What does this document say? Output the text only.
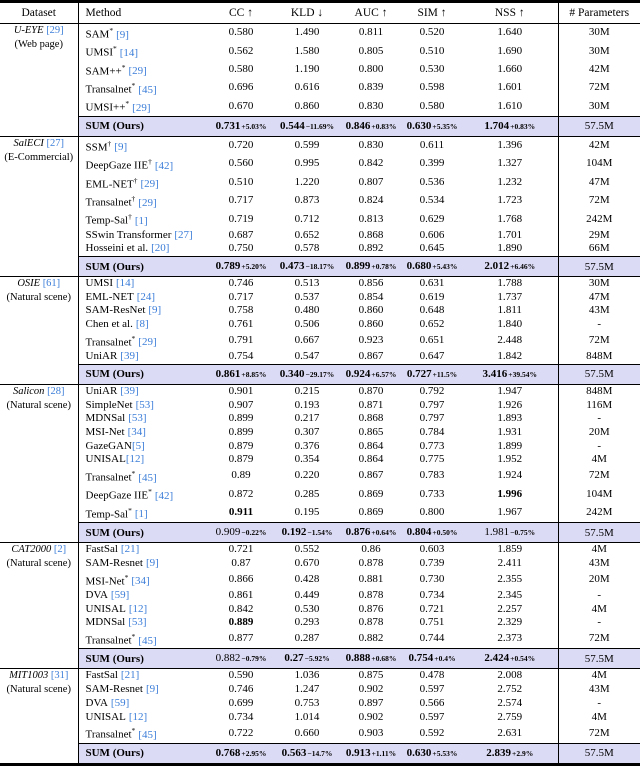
Dataset	Method	CC ↑	KLD ↓	AUC ↑	SIM ↑	NSS ↑	# Parameters

U-EYE [29]
(Web page)	SAM* [9]	0.580	1.490	0.811	0.520	1.640	30M
	UMSI* [14]	0.562	1.580	0.805	0.510	1.690	30M
	SAM++* [29]	0.580	1.190	0.800	0.530	1.660	42M
	Transalnet* [45]	0.696	0.616	0.839	0.598	1.601	72M
	UMSI++* [29]	0.670	0.860	0.830	0.580	1.610	30M
	SUM (Ours)	0.731+5.03%	0.544−11.69%	0.846+0.83%	0.630+5.35%	1.704+0.83%	57.5M

SalECI [27]
(E-Commercial)	SSM† [9]	0.720	0.599	0.830	0.611	1.396	42M
	DeepGaze IIE† [42]	0.560	0.995	0.842	0.399	1.327	104M
	EML-NET† [29]	0.510	1.220	0.807	0.536	1.232	47M
	Transalnet† [29]	0.717	0.873	0.824	0.534	1.723	72M
	Temp-Sal† [1]	0.719	0.712	0.813	0.629	1.768	242M
	SSwin Transformer [27]	0.687	0.652	0.868	0.606	1.701	29M
	Hosseini et al. [20]	0.750	0.578	0.892	0.645	1.890	66M
	SUM (Ours)	0.789+5.20%	0.473−18.17%	0.899+0.78%	0.680+5.43%	2.012+6.46%	57.5M

OSIE [61]
(Natural scene)	UMSI [14]	0.746	0.513	0.856	0.631	1.788	30M
	EML-NET [24]	0.717	0.537	0.854	0.619	1.737	47M
	SAM-ResNet [9]	0.758	0.480	0.860	0.648	1.811	43M
	Chen et al. [8]	0.761	0.506	0.860	0.652	1.840	-
	Transalnet* [29]	0.791	0.667	0.923	0.651	2.448	72M
	UniAR [39]	0.754	0.547	0.867	0.647	1.842	848M
	SUM (Ours)	0.861+8.85%	0.340−29.17%	0.924+6.57%	0.727+11.5%	3.416+39.54%	57.5M

Salicon [28]
(Natural scene)	UniAR [39]	0.901	0.215	0.870	0.792	1.947	848M
	SimpleNet [53]	0.907	0.193	0.871	0.797	1.926	116M
	MDNSal [53]	0.899	0.217	0.868	0.797	1.893	-
	MSI-Net [34]	0.899	0.307	0.865	0.784	1.931	20M
	GazeGAN[5]	0.879	0.376	0.864	0.773	1.899	-
	UNISAL[12]	0.879	0.354	0.864	0.775	1.952	4M
	Transalnet* [45]	0.89	0.220	0.867	0.783	1.924	72M
	DeepGaze IIE* [42]	0.872	0.285	0.869	0.733	1.996	104M
	Temp-Sal* [1]	0.911	0.195	0.869	0.800	1.967	242M
	SUM (Ours)	0.909−0.22%	0.192−1.54%	0.876+0.64%	0.804+0.50%	1.981−0.75%	57.5M

CAT2000 [2]
(Natural scene)	FastSal [21]	0.721	0.552	0.86	0.603	1.859	4M
	SAM-Resnet [9]	0.87	0.670	0.878	0.739	2.411	43M
	MSI-Net* [34]	0.866	0.428	0.881	0.730	2.355	20M
	DVA [59]	0.861	0.449	0.878	0.734	2.345	-
	UNISAL [12]	0.842	0.530	0.876	0.721	2.257	4M
	MDNSal [53]	0.889	0.293	0.878	0.751	2.329	-
	Transalnet* [45]	0.877	0.287	0.882	0.744	2.373	72M
	SUM (Ours)	0.882−0.79%	0.27−5.92%	0.888+0.68%	0.754+0.4%	2.424+0.54%	57.5M

MIT1003 [31]
(Natural scene)	FastSal [21]	0.590	1.036	0.875	0.478	2.008	4M
	SAM-Resnet [9]	0.746	1.247	0.902	0.597	2.752	43M
	DVA [59]	0.699	0.753	0.897	0.566	2.574	-
	UNISAL [12]	0.734	1.014	0.902	0.597	2.759	4M
	Transalnet* [45]	0.722	0.660	0.903	0.592	2.631	72M
	SUM (Ours)	0.768+2.95%	0.563−14.7%	0.913+1.11%	0.630+5.53%	2.839+2.9%	57.5M
